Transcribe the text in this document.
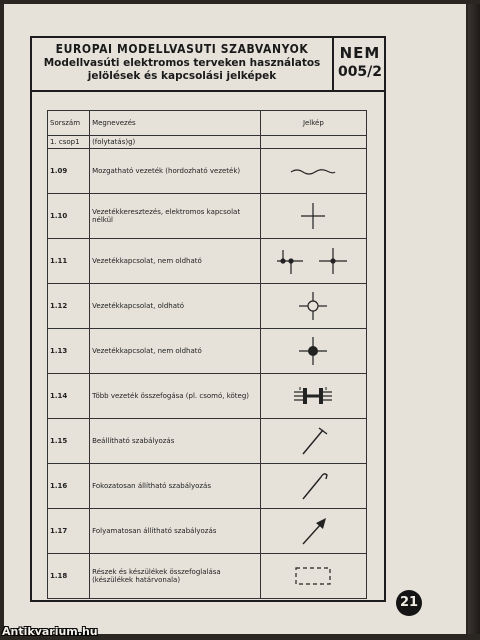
EUROPAI MODELLVASUTI SZABVANYOK
Modellvasúti elektromos terveken használatos
jelölések és kapcsolási jelképek
NEM
005/2
Sorszám	Megnevezés	Jelkép
1. csop1	(folytatás)g)	
1.09	Mozgatható vezeték (hordozható vezeték)	

1.10	Vezetékkeresztezés, elektromos kapcsolat nélkül	

1.11	Vezetékkapcsolat, nem oldható	

1.12	Vezetékkapcsolat, oldható	

1.13	Vezetékkapcsolat, nem oldható	

1.14	Több vezeték összefogása (pl. csomó, köteg)	

1.15	Beállítható szabályozás	

1.16	Fokozatosan állítható szabályozás	

1.17	Folyamatosan állítható szabályozás	

1.18	Részek és készülékek összefoglalása (készülékek határvonala)	
21
Antikvarium.hu
